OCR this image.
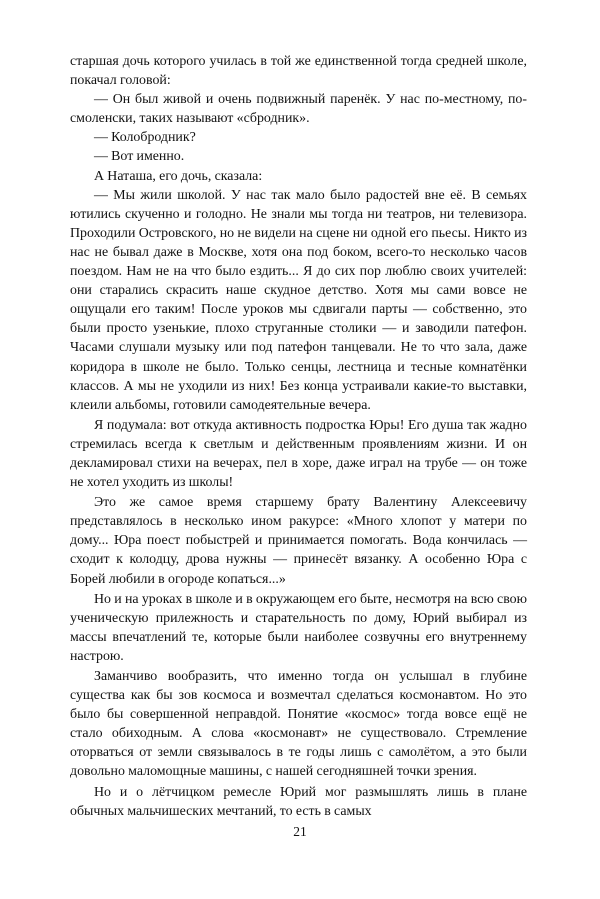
старшая дочь которого училась в той же единственной тогда средней школе, покачал головой:

— Он был живой и очень подвижный паренёк. У нас по-местному, по-смоленски, таких называют «сбродник».

— Колобродник?

— Вот именно.

А Наташа, его дочь, сказала:

— Мы жили школой. У нас так мало было радостей вне её. В семьях ютились скученно и голодно. Не знали мы тогда ни театров, ни телевизора. Проходили Островского, но не видели на сцене ни одной его пьесы. Никто из нас не бывал даже в Москве, хотя она под боком, всего-то несколько часов поездом. Нам не на что было ездить... Я до сих пор люблю своих учителей: они старались скрасить наше скудное детство. Хотя мы сами вовсе не ощущали его таким! После уроков мы сдвигали парты — собственно, это были просто узенькие, плохо струганные столики — и заводили патефон. Часами слушали музыку или под патефон танцевали. Не то что зала, даже коридора в школе не было. Только сенцы, лестница и тесные комнатёнки классов. А мы не уходили из них! Без конца устраивали какие-то выставки, клеили альбомы, готовили самодеятельные вечера.

Я подумала: вот откуда активность подростка Юры! Его душа так жадно стремилась всегда к светлым и действенным проявлениям жизни. И он декламировал стихи на вечерах, пел в хоре, даже играл на трубе — он тоже не хотел уходить из школы!

Это же самое время старшему брату Валентину Алексеевичу представлялось в несколько ином ракурсе: «Много хлопот у матери по дому... Юра поест побыстрей и принимается помогать. Вода кончилась — сходит к колодцу, дрова нужны — принесёт вязанку. А особенно Юра с Борей любили в огороде копаться...»

Но и на уроках в школе и в окружающем его быте, несмотря на всю свою ученическую прилежность и старательность по дому, Юрий выбирал из массы впечатлений те, которые были наиболее созвучны его внутреннему настрою.

Заманчиво вообразить, что именно тогда он услышал в глубине существа как бы зов космоса и возмечтал сделаться космонавтом. Но это было бы совершенной неправдой. Понятие «космос» тогда вовсе ещё не стало обиходным. А слова «космонавт» не существовало. Стремление оторваться от земли связывалось в те годы лишь с самолётом, а это были довольно маломощные машины, с нашей сегодняшней точки зрения.

Но и о лётчицком ремесле Юрий мог размышлять лишь в плане обычных мальчишеских мечтаний, то есть в самых

21
